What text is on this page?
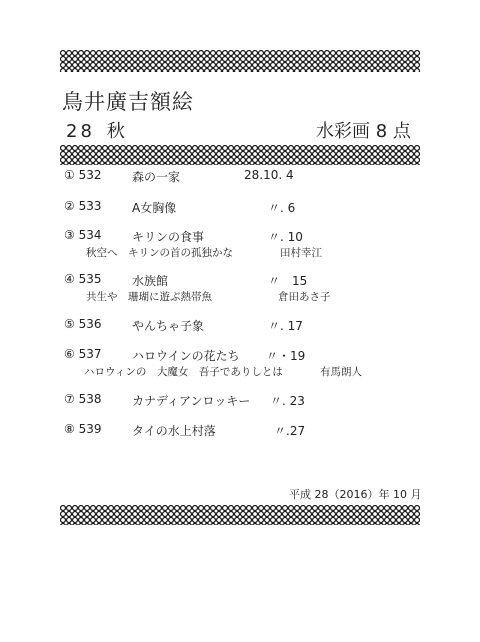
鳥井廣吉額絵
28 秋	水彩画 8 点
① 532	森の一家	28.10. 4
② 533	A女胸像	〃. 6
③ 534	キリンの食事	〃. 10
秋空へ　キリンの首の孤独かな	田村幸江
④ 535	水族館	〃　15
共生や　珊瑚に遊ぶ熱帯魚	倉田あさ子
⑤ 536	やんちゃ子象	〃. 17
⑥ 537	ハロウインの花たち 〃・19
ハロウィンの　大魔女　吾子でありしとは	有馬朗人
⑦ 538	カナディアンロッキー 〃. 23
⑧ 539	タイの水上村落	〃.27
平成 28（2016）年 10 月
